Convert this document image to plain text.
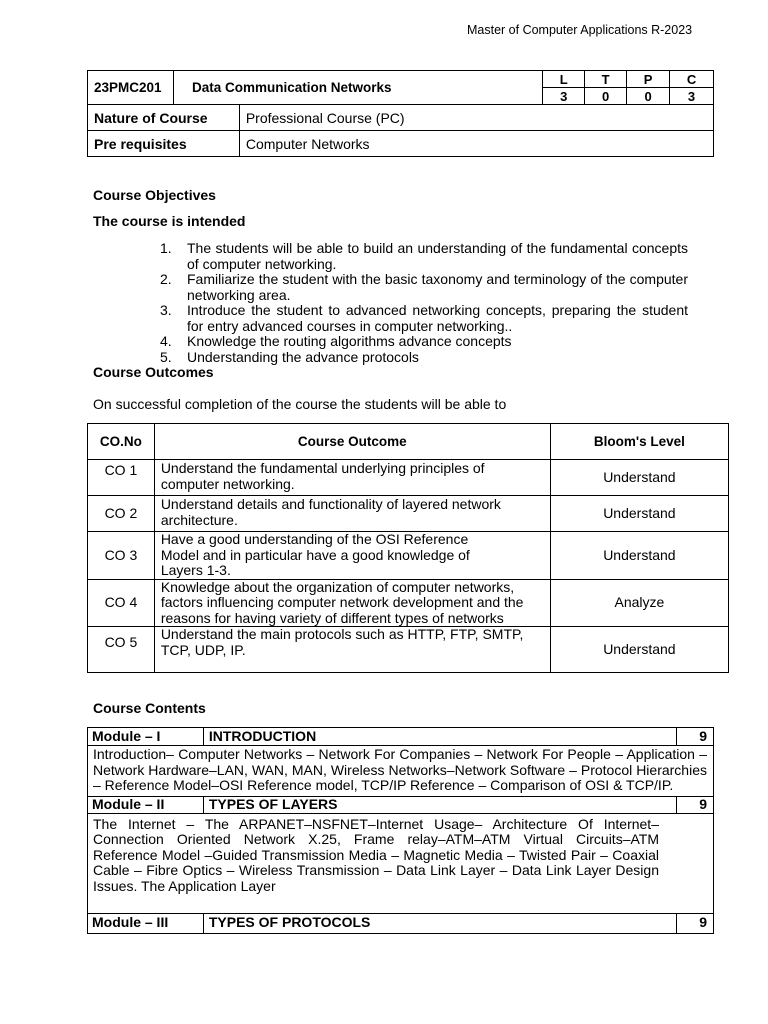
Master of Computer Applications R-2023
23PMC201	Data Communication Networks		L	T	P	C
			3	0	0	3
Nature of Course		Professional Course (PC)				
Pre requisites		Computer Networks				
Course Objectives
The course is intended
1.	The students will be able to build an understanding of the fundamental concepts of computer networking.
2.	Familiarize the student with the basic taxonomy and terminology of the computer networking area.
3.	Introduce the student to advanced networking concepts, preparing the student for entry advanced courses in computer networking..
4.	Knowledge the routing algorithms advance concepts
5.	Understanding the advance protocols
Course Outcomes
On successful completion of the course the students will be able to
CO.No	Course Outcome	Bloom's Level
CO 1	Understand the fundamental underlying principles of computer networking.	Understand
CO 2	Understand details and functionality of layered network architecture.	Understand
CO 3	Have a good understanding of the OSI Reference Model and in particular have a good knowledge of Layers 1-3.	Understand
CO 4	Knowledge about the organization of computer networks, factors influencing computer network development and the reasons for having variety of different types of networks	Analyze
CO 5	Understand the main protocols such as HTTP, FTP, SMTP, TCP, UDP, IP.	Understand
Course Contents
Module – I	INTRODUCTION	9
Introduction– Computer Networks – Network For Companies – Network For People – Application – Network Hardware–LAN, WAN, MAN, Wireless Networks–Network Software – Protocol Hierarchies – Reference Model–OSI Reference model, TCP/IP Reference – Comparison of OSI & TCP/IP.		
Module – II	TYPES OF LAYERS	9

The Internet – The ARPANET–NSFNET–Internet Usage– Architecture Of Internet–Connection Oriented Network X.25, Frame relay–ATM–ATM Virtual Circuits–ATM Reference Model –Guided Transmission Media – Magnetic Media – Twisted Pair – Coaxial Cable – Fibre Optics – Wireless Transmission – Data Link Layer – Data Link Layer Design Issues. The Application Layer		

Module – III	TYPES OF PROTOCOLS	9
